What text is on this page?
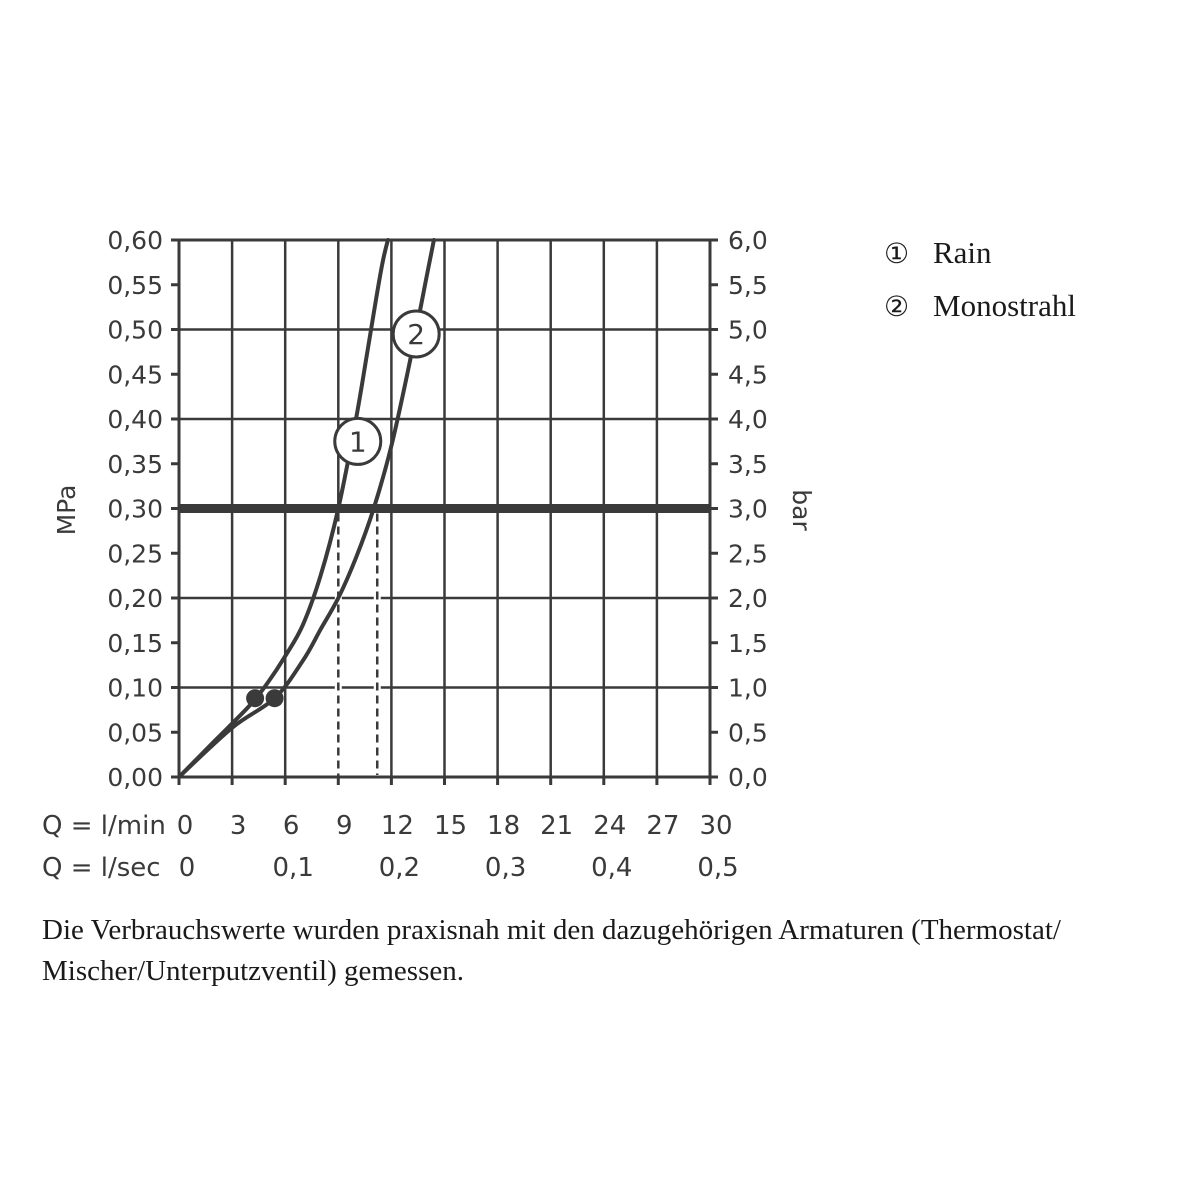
1
2
0,00
0,05
0,10
0,15
0,20
0,25
0,30
0,35
0,40
0,45
0,50
0,55
0,60
0,0
0,5
1,0
1,5
2,0
2,5
3,0
3,5
4,0
4,5
5,0
5,5
6,0
0 3 6 9 12 15 18 21 24 27 30
0	0,1 0,2 0,3 0,4 0,5
MPa	bar
Q = l/min
Q = l/sec
① Rain
② Monostrahl
Die Verbrauchswerte wurden praxisnah mit den dazugehörigen Armaturen (Thermostat/
Mischer/Unterputzventil) gemessen.
